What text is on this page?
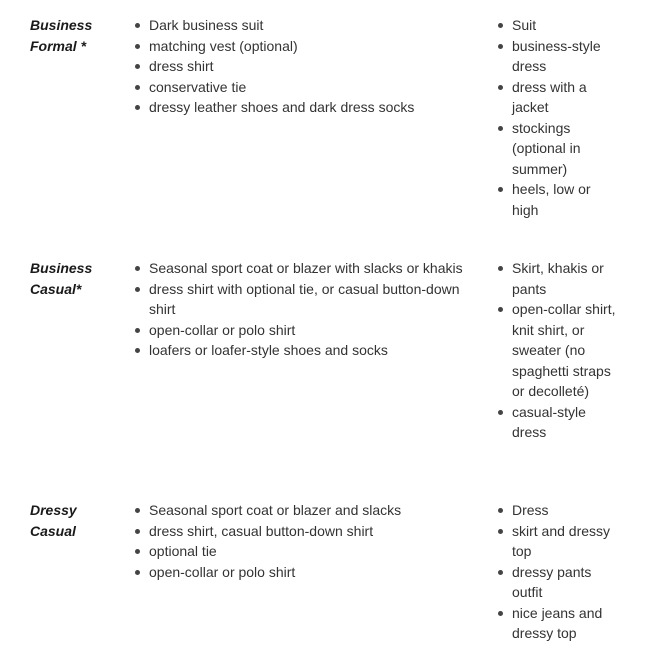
Business
Formal *
Dark business suit
matching vest (optional)
dress shirt
conservative tie
dressy leather shoes and dark dress socks
Suit
business-style dress
dress with a jacket
stockings (optional in summer)
heels, low or high
Business
Casual*
Seasonal sport coat or blazer with slacks or khakis
dress shirt with optional tie, or casual button-down shirt
open-collar or polo shirt
loafers or loafer-style shoes and socks
Skirt, khakis or pants
open-collar shirt, knit shirt, or sweater (no spaghetti straps or decolleté)
casual-style dress
Dressy
Casual
Seasonal sport coat or blazer and slacks
dress shirt, casual button-down shirt
optional tie
open-collar or polo shirt
Dress
skirt and dressy top
dressy pants outfit
nice jeans and dressy top
